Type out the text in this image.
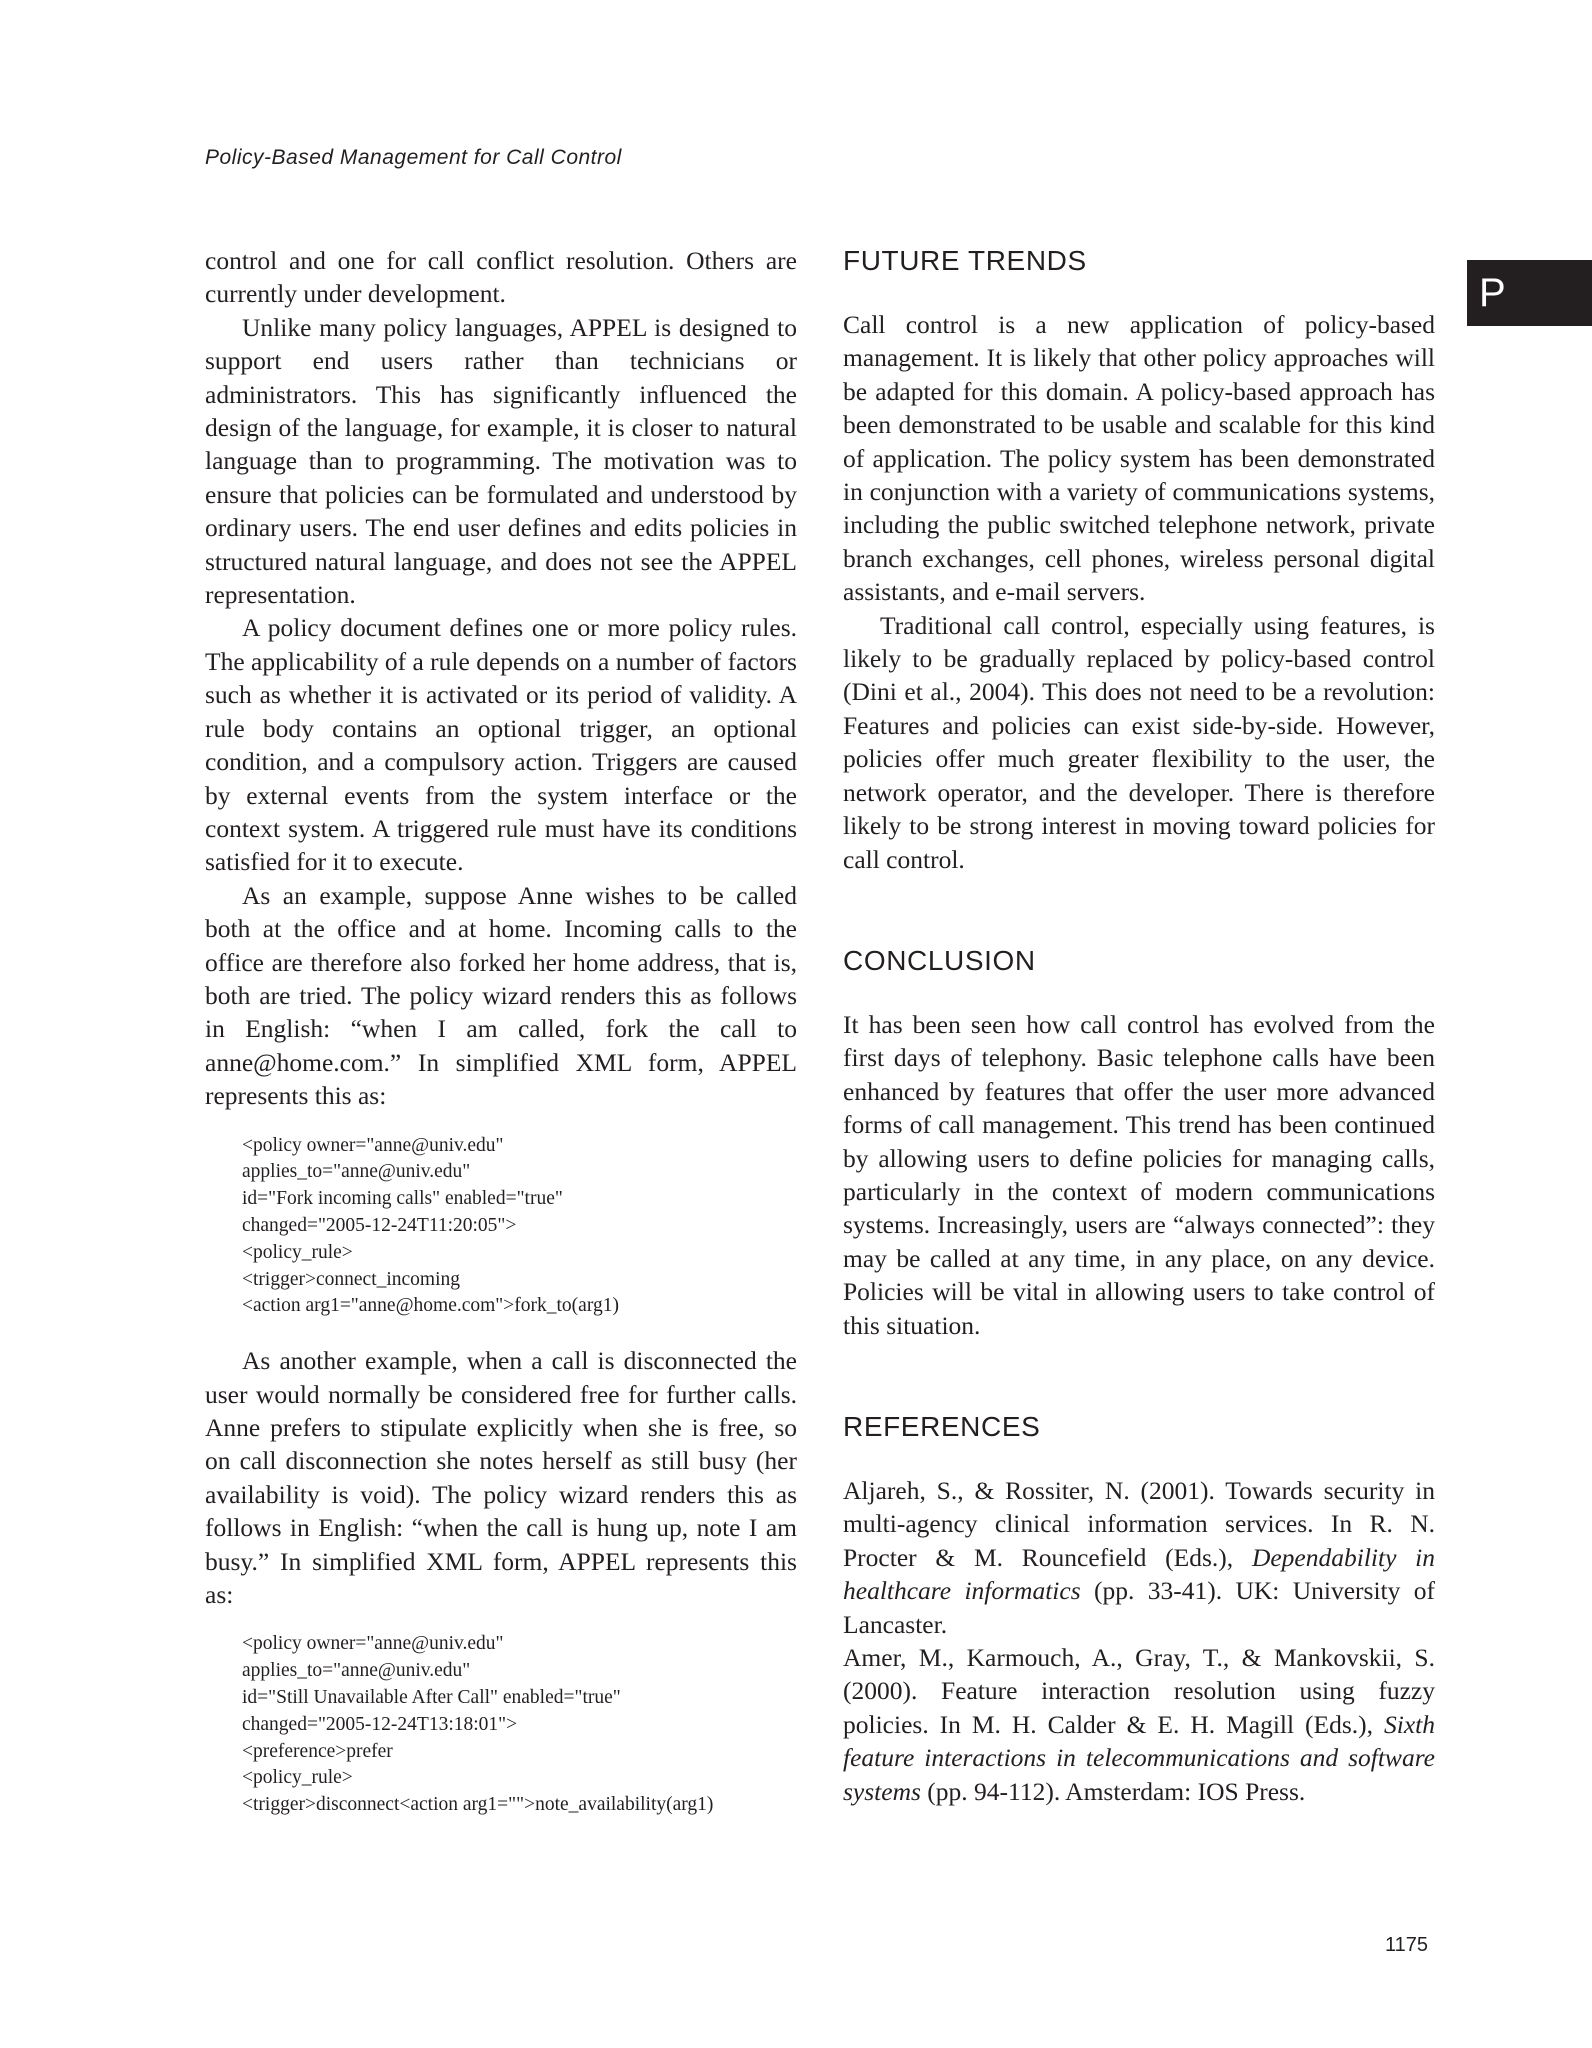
Policy-Based Management for Call Control
P

control and one for call conflict resolution. Others are currently under development.

Unlike many policy languages, APPEL is designed to support end users rather than technicians or administrators. This has significantly influenced the design of the language, for example, it is closer to natural language than to programming. The motivation was to ensure that policies can be formulated and understood by ordinary users. The end user defines and edits policies in structured natural language, and does not see the APPEL representation.

A policy document defines one or more policy rules. The applicability of a rule depends on a number of factors such as whether it is activated or its period of validity. A rule body contains an optional trigger, an optional condition, and a compulsory action. Triggers are caused by external events from the system interface or the context system. A triggered rule must have its conditions satisfied for it to execute.

As an example, suppose Anne wishes to be called both at the office and at home. Incoming calls to the office are therefore also forked her home address, that is, both are tried. The policy wizard renders this as follows in English: “when I am called, fork the call to anne@home.com.” In simplified XML form, APPEL represents this as:

<policy owner="anne@univ.edu"
applies_to="anne@univ.edu"
id="Fork incoming calls" enabled="true"
changed="2005-12-24T11:20:05">
<policy_rule>
<trigger>connect_incoming
<action arg1="anne@home.com">fork_to(arg1)

As another example, when a call is disconnected the user would normally be considered free for further calls. Anne prefers to stipulate explicitly when she is free, so on call disconnection she notes herself as still busy (her availability is void). The policy wizard renders this as follows in English: “when the call is hung up, note I am busy.” In simplified XML form, APPEL represents this as:

<policy owner="anne@univ.edu"
applies_to="anne@univ.edu"
id="Still Unavailable After Call" enabled="true"
changed="2005-12-24T13:18:01">
<preference>prefer
<policy_rule>
<trigger>disconnect<action arg1="">note_availability(arg1)
FUTURE TRENDS

Call control is a new application of policy-based management. It is likely that other policy approaches will be adapted for this domain. A policy-based approach has been demonstrated to be usable and scalable for this kind of application. The policy system has been demonstrated in conjunction with a variety of communications systems, including the public switched telephone network, private branch exchanges, cell phones, wireless personal digital assistants, and e-mail servers.

Traditional call control, especially using features, is likely to be gradually replaced by policy-based control (Dini et al., 2004). This does not need to be a revolution: Features and policies can exist side-by-side. However, policies offer much greater flexibility to the user, the network operator, and the developer. There is therefore likely to be strong interest in moving toward policies for call control.

CONCLUSION

It has been seen how call control has evolved from the first days of telephony. Basic telephone calls have been enhanced by features that offer the user more advanced forms of call management. This trend has been continued by allowing users to define policies for managing calls, particularly in the context of modern communications systems. Increasingly, users are “always connected”: they may be called at any time, in any place, on any device. Policies will be vital in allowing users to take control of this situation.

REFERENCES

Aljareh, S., & Rossiter, N. (2001). Towards security in multi-agency clinical information services. In R. N. Procter & M. Rouncefield (Eds.), Dependability in healthcare informatics (pp. 33-41). UK: University of Lancaster.

Amer, M., Karmouch, A., Gray, T., & Mankovskii, S. (2000). Feature interaction resolution using fuzzy policies. In M. H. Calder & E. H. Magill (Eds.), Sixth feature interactions in telecommunications and software systems (pp. 94-112). Amsterdam: IOS Press.

1175
